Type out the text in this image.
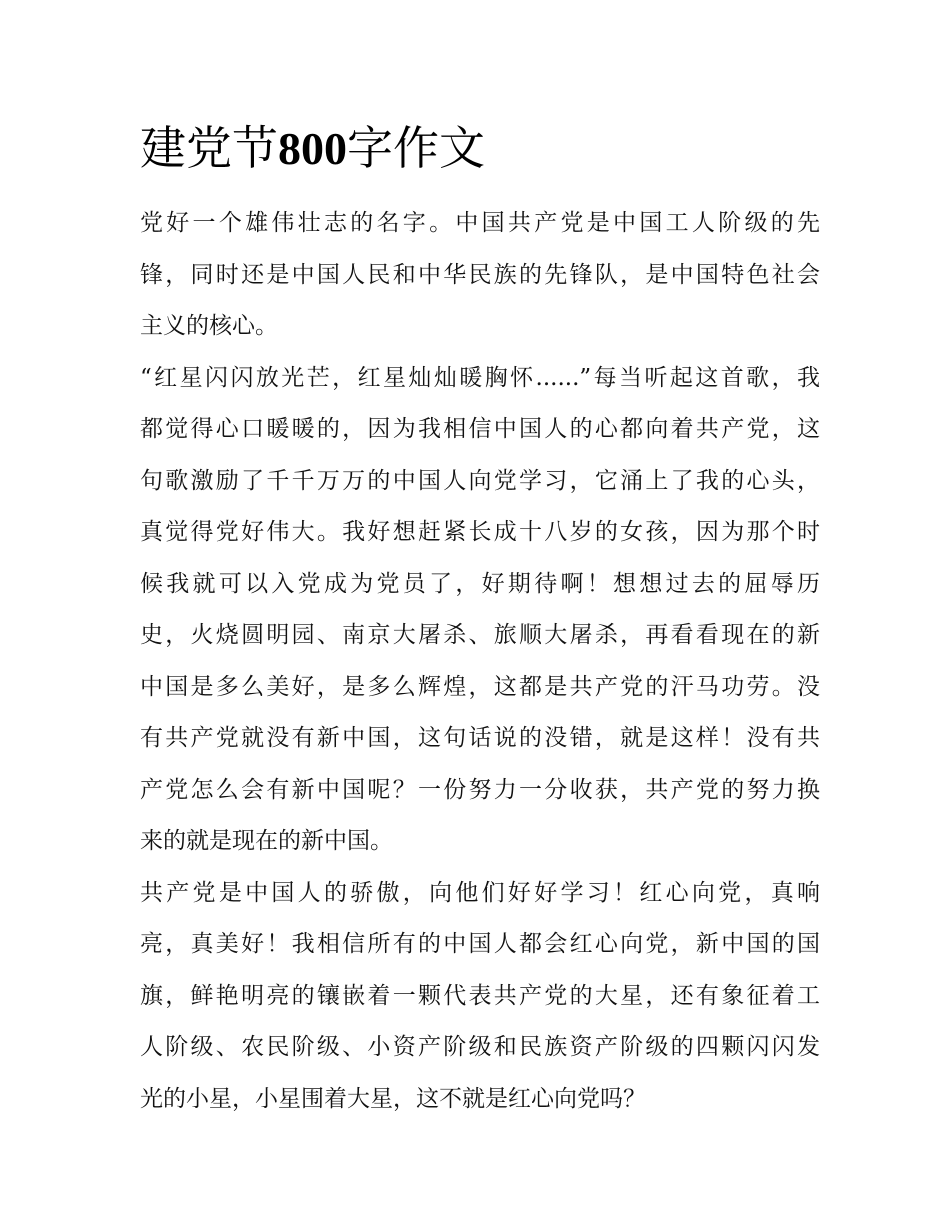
建党节800字作文
党好一个雄伟壮志的名字。中国共产党是中国工人阶级的先
锋，同时还是中国人民和中华民族的先锋队，是中国特色社会
主义的核心。
“红星闪闪放光芒，红星灿灿暖胸怀......”每当听起这首歌，我
都觉得心口暖暖的，因为我相信中国人的心都向着共产党，这
句歌激励了千千万万的中国人向党学习，它涌上了我的心头，
真觉得党好伟大。我好想赶紧长成十八岁的女孩，因为那个时
候我就可以入党成为党员了，好期待啊！想想过去的屈辱历
史，火烧圆明园、南京大屠杀、旅顺大屠杀，再看看现在的新
中国是多么美好，是多么辉煌，这都是共产党的汗马功劳。没
有共产党就没有新中国，这句话说的没错，就是这样！没有共
产党怎么会有新中国呢？一份努力一分收获，共产党的努力换
来的就是现在的新中国。
共产党是中国人的骄傲，向他们好好学习！红心向党，真响
亮，真美好！我相信所有的中国人都会红心向党，新中国的国
旗，鲜艳明亮的镶嵌着一颗代表共产党的大星，还有象征着工
人阶级、农民阶级、小资产阶级和民族资产阶级的四颗闪闪发
光的小星，小星围着大星，这不就是红心向党吗？
